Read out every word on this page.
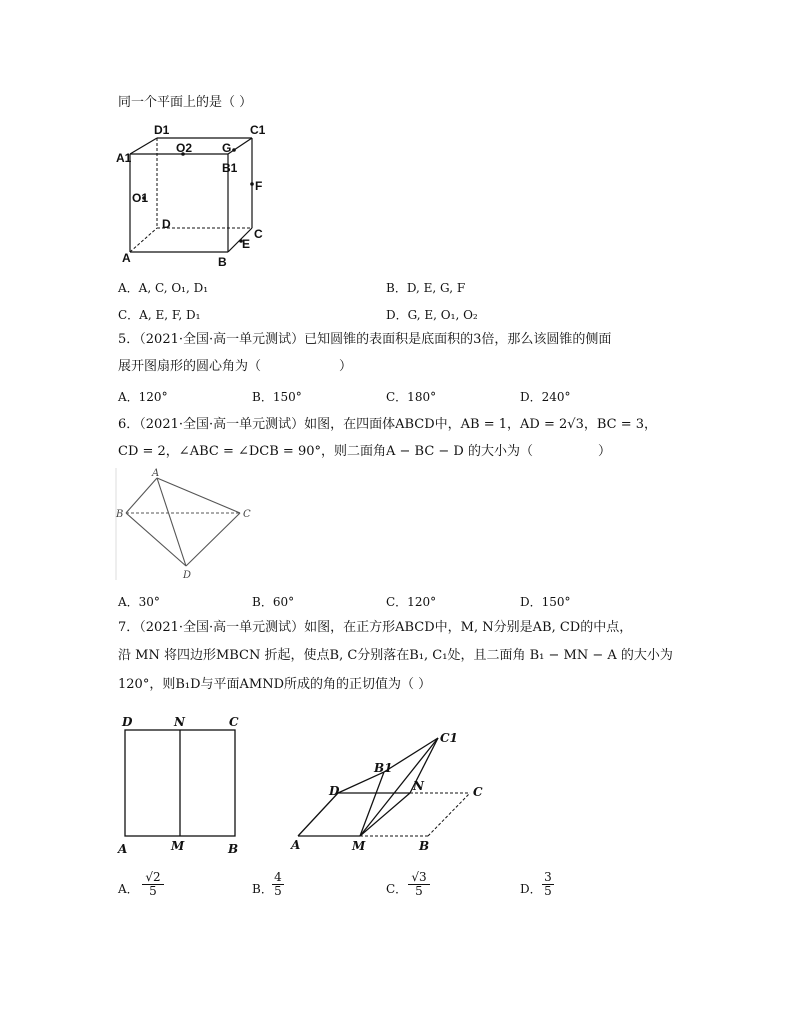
同一个平面上的是（ ）
D1	C1
A1
O2 G
B1
F
O1
D
C
A	B
E
A．A, C, O₁, D₁	B．D, E, G, F
C．A, E, F, D₁	D．G, E, O₁, O₂
5．（2021·全国·高一单元测试）已知圆锥的表面积是底面积的3倍，那么该圆锥的侧面
展开图扇形的圆心角为（　　　　　　）
A．120°	B．150°	C．180°	D．240°
6．（2021·全国·高一单元测试）如图，在四面体ABCD中，AB = 1，AD = 2√3，BC = 3，
CD = 2，∠ABC = ∠DCB = 90°，则二面角A − BC − D 的大小为（　　　　　）
A
B	C
D
A．30°	B．60°	C．120°	D．150°
7．（2021·全国·高一单元测试）如图，在正方形ABCD中，M, N分别是AB, CD的中点，
沿 MN 将四边形MBCN 折起，使点B, C分别落在B₁, C₁处，且二面角 B₁ − MN − A 的大小为
120°，则B₁D与平面AMND所成的角的正切值为（ ）
D	N	C
A	M	B
C1
B1
D	N	C
A	M	B
A． $\frac{√2}{5}$	B． $\frac{4}{5}$	C． $\frac{√3}{5}$	D． $\frac{3}{5}$
